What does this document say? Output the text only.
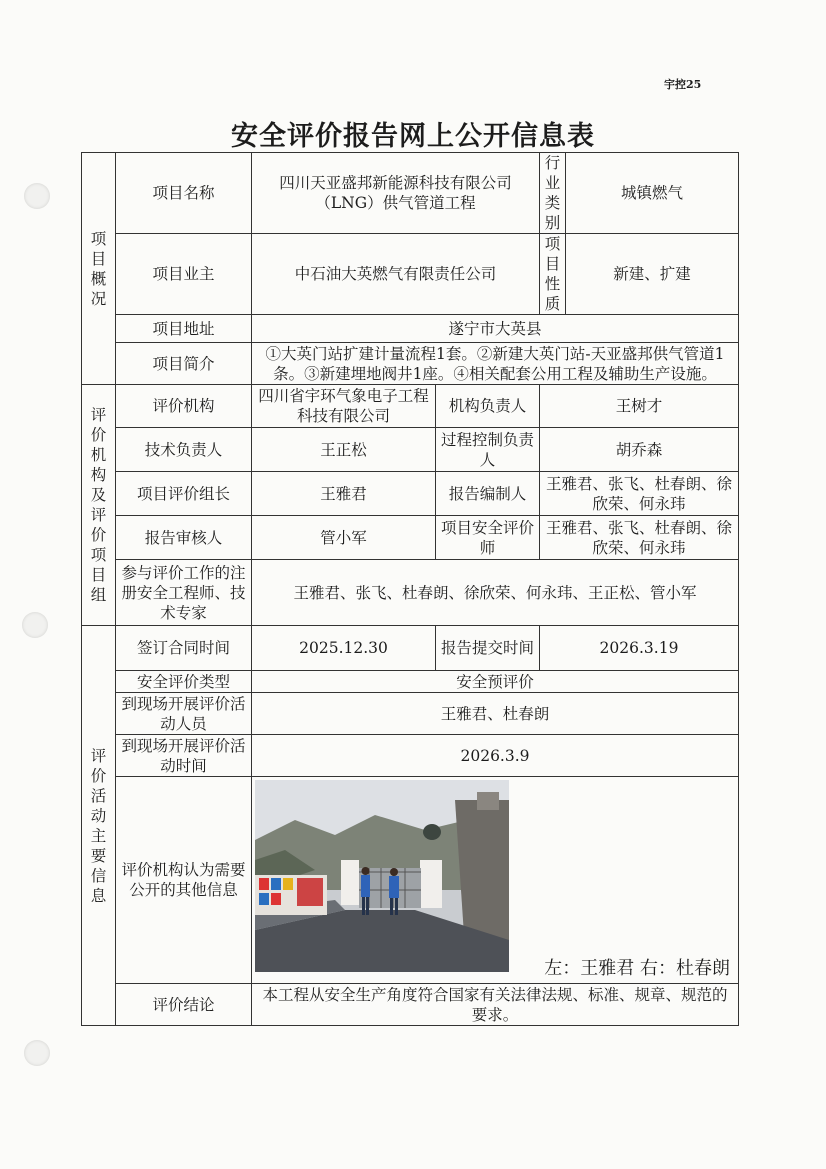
宇控25
安全评价报告网上公开信息表
项目概况	项目名称	四川天亚盛邦新能源科技有限公司（LNG）供气管道工程		行业类别	城镇燃气
	项目业主	中石油大英燃气有限责任公司		项目性质	新建、扩建
	项目地址	遂宁市大英县			
	项目简介	①大英门站扩建计量流程1套。②新建大英门站-天亚盛邦供气管道1条。③新建埋地阀井1座。④相关配套公用工程及辅助生产设施。			

评价机构及评价项目组	评价机构	四川省宇环气象电子工程科技有限公司	机构负责人	王树才	
	技术负责人	王正松	过程控制负责人	胡乔森	
	项目评价组长	王雅君	报告编制人	王雅君、张飞、杜春朗、徐欣荣、何永玮	
	报告审核人	管小军	项目安全评价师	王雅君、张飞、杜春朗、徐欣荣、何永玮	
	参与评价工作的注册安全工程师、技术专家	王雅君、张飞、杜春朗、徐欣荣、何永玮、王正松、管小军			

评价活动主要信息	签订合同时间	2025.12.30	报告提交时间	2026.3.19	
	安全评价类型	安全预评价			
	到现场开展评价活动人员	王雅君、杜春朗			
	到现场开展评价活动时间	2026.3.9			
	评价机构认为需要公开的其他信息	左：王雅君 右：杜春朗			

	评价结论	本工程从安全生产角度符合国家有关法律法规、标准、规章、规范的要求。			
